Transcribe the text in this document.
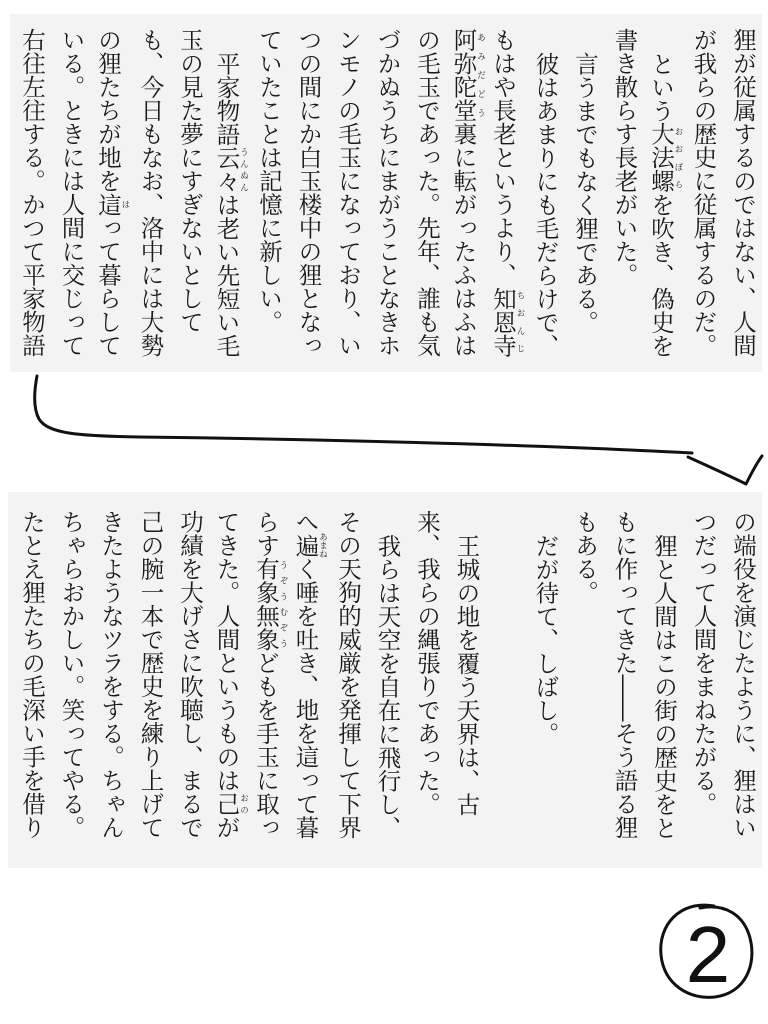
狸が従属するのではない、人間
が我らの歴史に従属するのだ。
という大法螺おおぼらを吹き、偽史を
書き散らす長老がいた。
言うまでもなく狸である。
彼はあまりにも毛だらけで、
もはや長老というより、知恩寺ちおんじ
阿弥陀堂あみだどう裏に転がったふはふは
の毛玉であった。先年、誰も気
づかぬうちにまがうことなきホ
ンモノの毛玉になっており、い
つの間にか白玉楼中の狸となっ
ていたことは記憶に新しい。
平家物語云々うんぬんは老い先短い毛
玉の見た夢にすぎないとして
も、今日もなお、洛中には大勢
の狸たちが地を這はって暮らして
いる。ときには人間に交じって
右往左往する。かつて平家物語
の端役を演じたように、狸はい
つだって人間をまねたがる。
狸と人間はこの街の歴史をと
もに作ってきた――そう語る狸
もある。
だが待て、しばし。
王城の地を覆う天界は、古
来、我らの縄張りであった。
我らは天空を自在に飛行し、
その天狗的威厳を発揮して下界
へ遍あまねく唾を吐き、地を這って暮
らす有象無象うぞうむぞうどもを手玉に取っ
てきた。人間というものは己おのが
功績を大げさに吹聴し、まるで
己の腕一本で歴史を練り上げて
きたようなツラをする。ちゃん
ちゃらおかしい。笑ってやる。
たとえ狸たちの毛深い手を借り
2
